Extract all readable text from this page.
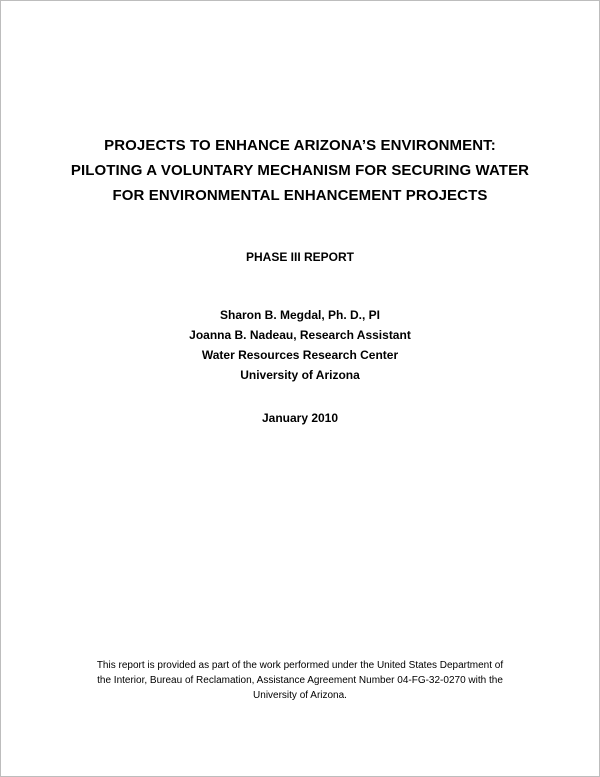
PROJECTS TO ENHANCE ARIZONA’S ENVIRONMENT:
PILOTING A VOLUNTARY MECHANISM FOR SECURING WATER
FOR ENVIRONMENTAL ENHANCEMENT PROJECTS
PHASE III REPORT
Sharon B. Megdal, Ph. D., PI
Joanna B. Nadeau, Research Assistant
Water Resources Research Center
University of Arizona
January 2010
This report is provided as part of the work performed under the United States Department of
the Interior, Bureau of Reclamation, Assistance Agreement Number 04-FG-32-0270 with the
University of Arizona.
